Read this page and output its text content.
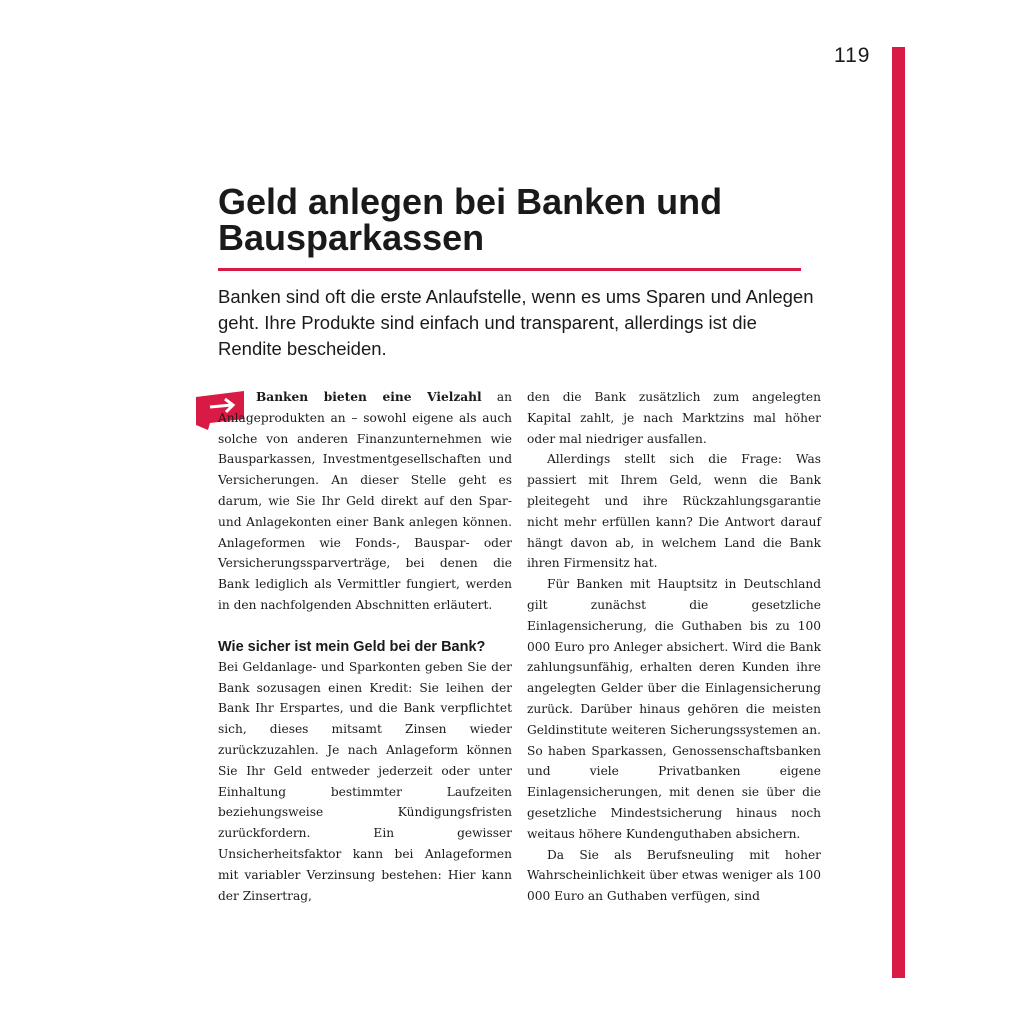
119
Geld anlegen bei Banken und Bausparkassen

Banken sind oft die erste Anlaufstelle, wenn es ums Sparen und Anlegen geht. Ihre Produkte sind einfach und transparent, allerdings ist die Rendite bescheiden.

Banken bieten eine Vielzahl an Anlageprodukten an – sowohl eigene als auch solche von anderen Finanzunternehmen wie Bausparkassen, Investmentgesellschaften und Versicherungen. An dieser Stelle geht es darum, wie Sie Ihr Geld direkt auf den Spar- und Anlagekonten einer Bank anlegen können. Anlageformen wie Fonds-, Bauspar- oder Versicherungssparverträge, bei denen die Bank lediglich als Vermittler fungiert, werden in den nachfolgenden Abschnitten erläutert.

Wie sicher ist mein Geld bei der Bank?

Bei Geldanlage- und Sparkonten geben Sie der Bank sozusagen einen Kredit: Sie leihen der Bank Ihr Erspartes, und die Bank verpflichtet sich, dieses mitsamt Zinsen wieder zurückzuzahlen. Je nach Anlageform können Sie Ihr Geld entweder jederzeit oder unter Einhaltung bestimmter Laufzeiten beziehungsweise Kündigungsfristen zurückfordern. Ein gewisser Unsicherheitsfaktor kann bei Anlageformen mit variabler Verzinsung bestehen: Hier kann der Zinsertrag,

den die Bank zusätzlich zum angelegten Kapital zahlt, je nach Marktzins mal höher oder mal niedriger ausfallen.

Allerdings stellt sich die Frage: Was passiert mit Ihrem Geld, wenn die Bank pleitegeht und ihre Rückzahlungsgarantie nicht mehr erfüllen kann? Die Antwort darauf hängt davon ab, in welchem Land die Bank ihren Firmensitz hat.

Für Banken mit Hauptsitz in Deutschland gilt zunächst die gesetzliche Einlagensicherung, die Guthaben bis zu 100 000 Euro pro Anleger absichert. Wird die Bank zahlungsunfähig, erhalten deren Kunden ihre angelegten Gelder über die Einlagensicherung zurück. Darüber hinaus gehören die meisten Geldinstitute weiteren Sicherungssystemen an. So haben Sparkassen, Genossenschaftsbanken und viele Privatbanken eigene Einlagensicherungen, mit denen sie über die gesetzliche Mindestsicherung hinaus noch weitaus höhere Kundenguthaben absichern.

Da Sie als Berufsneuling mit hoher Wahrscheinlichkeit über etwas weniger als 100 000 Euro an Guthaben verfügen, sind
